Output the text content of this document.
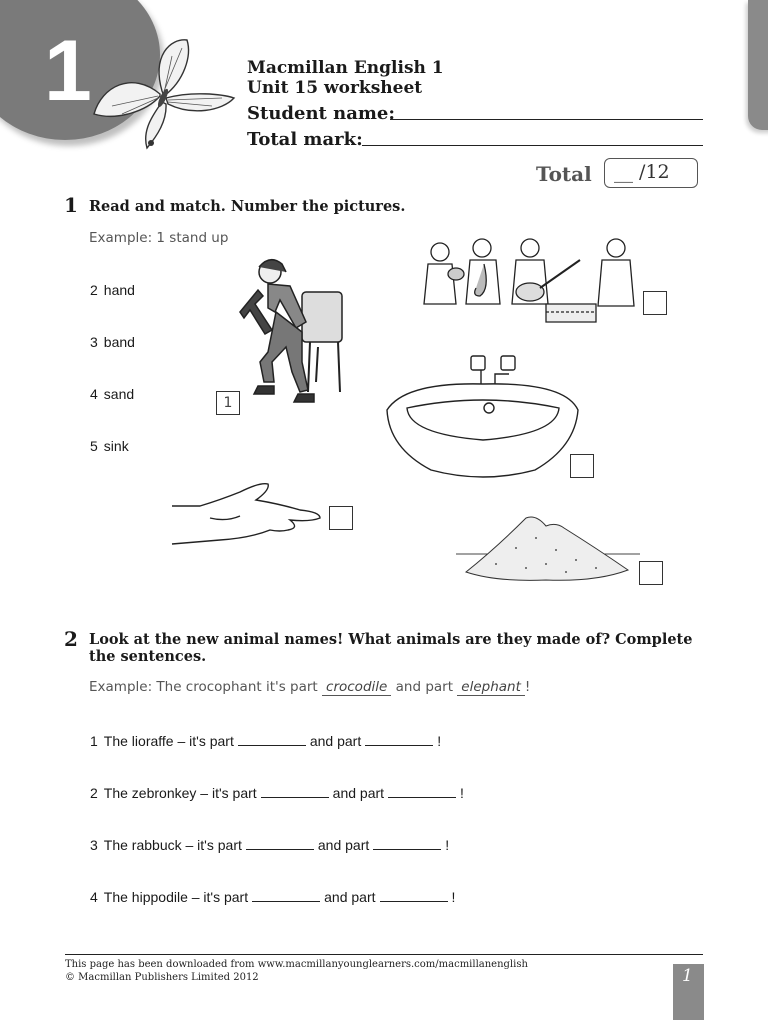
1	Macmillan English 1
Unit 15 worksheet
Student name:
Total mark:
Total __ /12
1 Read and match. Number the pictures.
Example: 1 stand up
2 hand
3 band
4 sand
5 sink
1
2 Look at the new animal names! What animals are they made of? Complete the sentences.
Example: The crocophant it's part crocodile and part elephant !
1 The lioraffe – it's part	and part	!
2 The zebronkey – it's part	and part	!
3 The rabbuck – it's part	and part	!
4 The hippodile – it's part	and part	!
This page has been downloaded from www.macmillanyounglearners.com/macmillanenglish
© Macmillan Publishers Limited 2012	1
